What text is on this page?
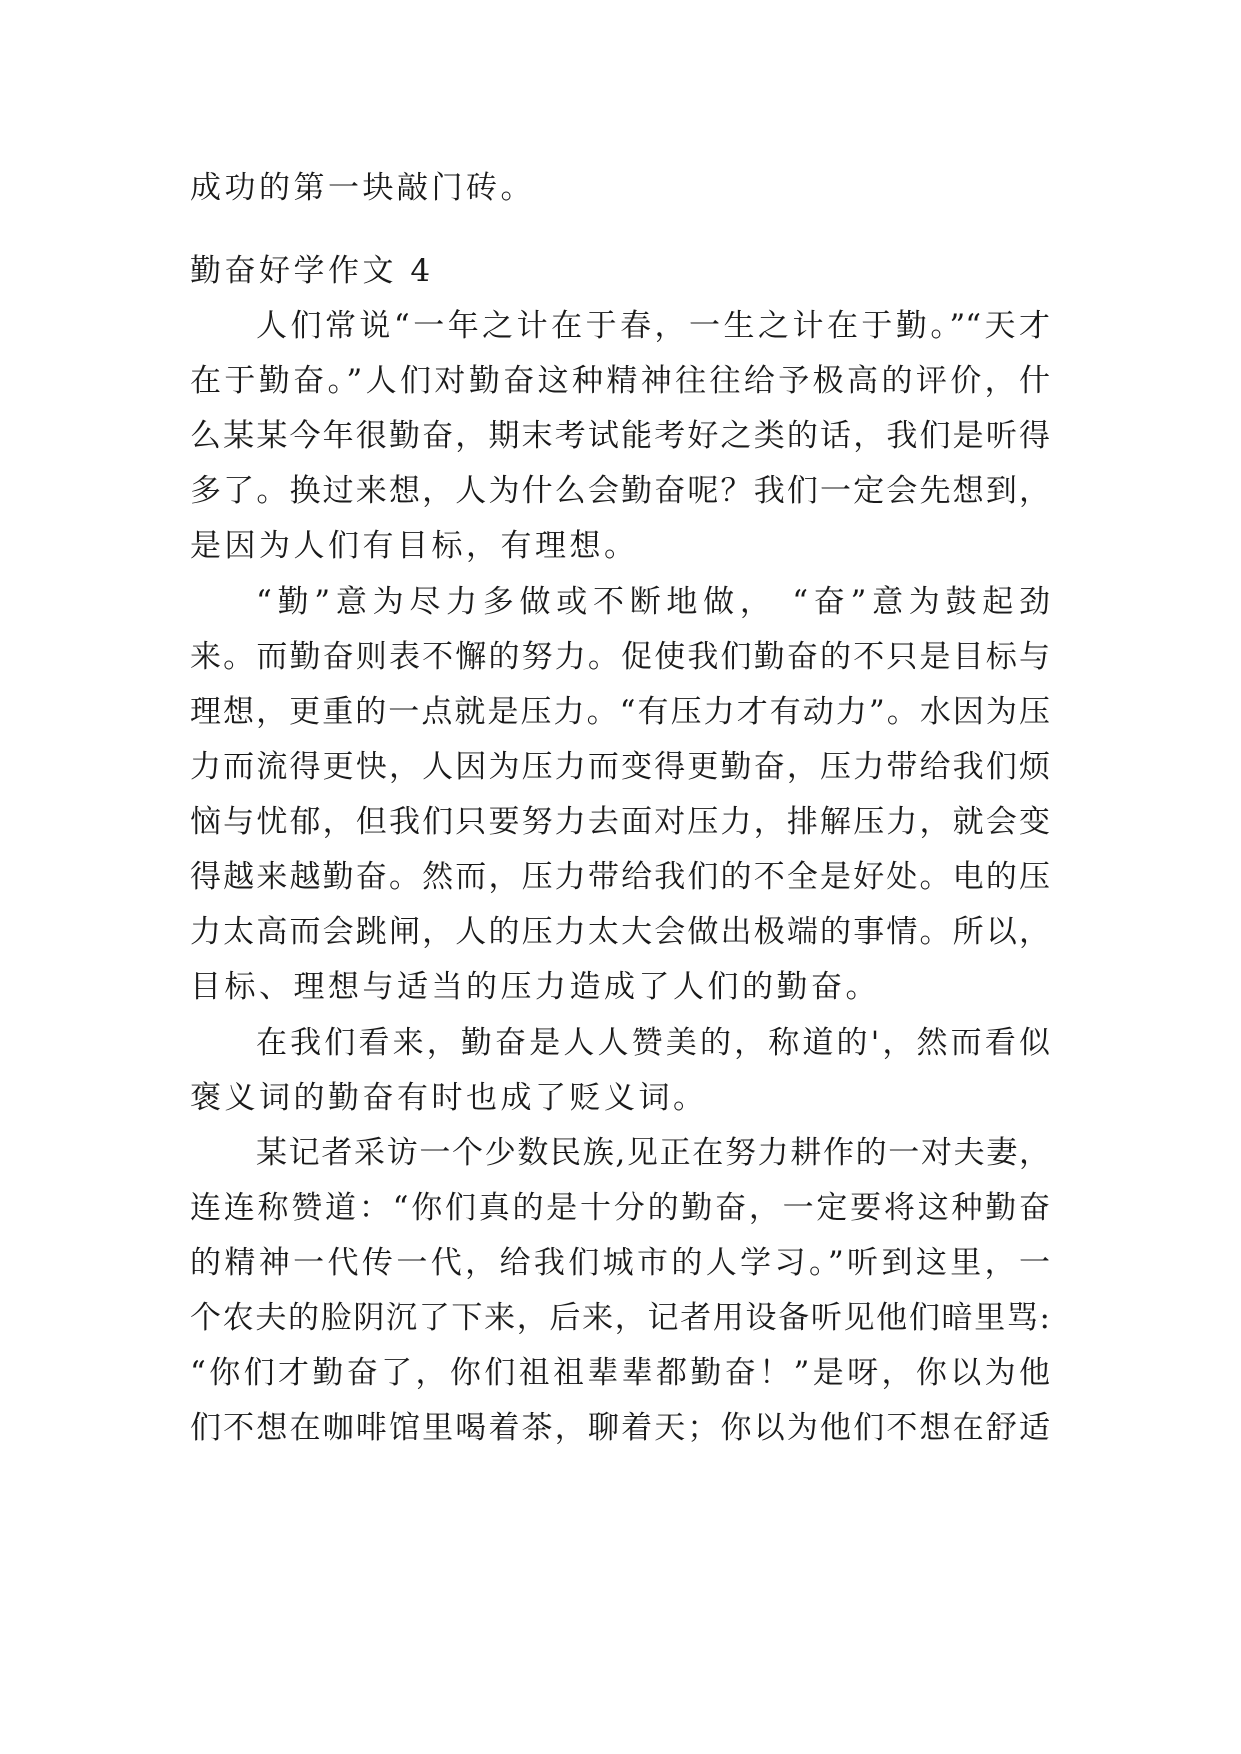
成功的第一块敲门砖。
勤奋好学作文 4
人们常说“一年之计在于春，一生之计在于勤。”“天才
在于勤奋。”人们对勤奋这种精神往往给予极高的评价，什
么某某今年很勤奋，期末考试能考好之类的话，我们是听得
多了。换过来想，人为什么会勤奋呢？我们一定会先想到，
是因为人们有目标，有理想。
“勤”意为尽力多做或不断地做， “奋”意为鼓起劲
来。而勤奋则表不懈的努力。促使我们勤奋的不只是目标与
理想，更重的一点就是压力。“有压力才有动力”。水因为压
力而流得更快，人因为压力而变得更勤奋，压力带给我们烦
恼与忧郁，但我们只要努力去面对压力，排解压力，就会变
得越来越勤奋。然而，压力带给我们的不全是好处。电的压
力太高而会跳闸，人的压力太大会做出极端的事情。所以，
目标、理想与适当的压力造成了人们的勤奋。
在我们看来，勤奋是人人赞美的，称道的'，然而看似
褒义词的勤奋有时也成了贬义词。
某记者采访一个少数民族,见正在努力耕作的一对夫妻，
连连称赞道：“你们真的是十分的勤奋，一定要将这种勤奋
的精神一代传一代，给我们城市的人学习。”听到这里，一
个农夫的脸阴沉了下来，后来，记者用设备听见他们暗里骂:
“你们才勤奋了，你们祖祖辈辈都勤奋！”是呀，你以为他
们不想在咖啡馆里喝着茶，聊着天；你以为他们不想在舒适
